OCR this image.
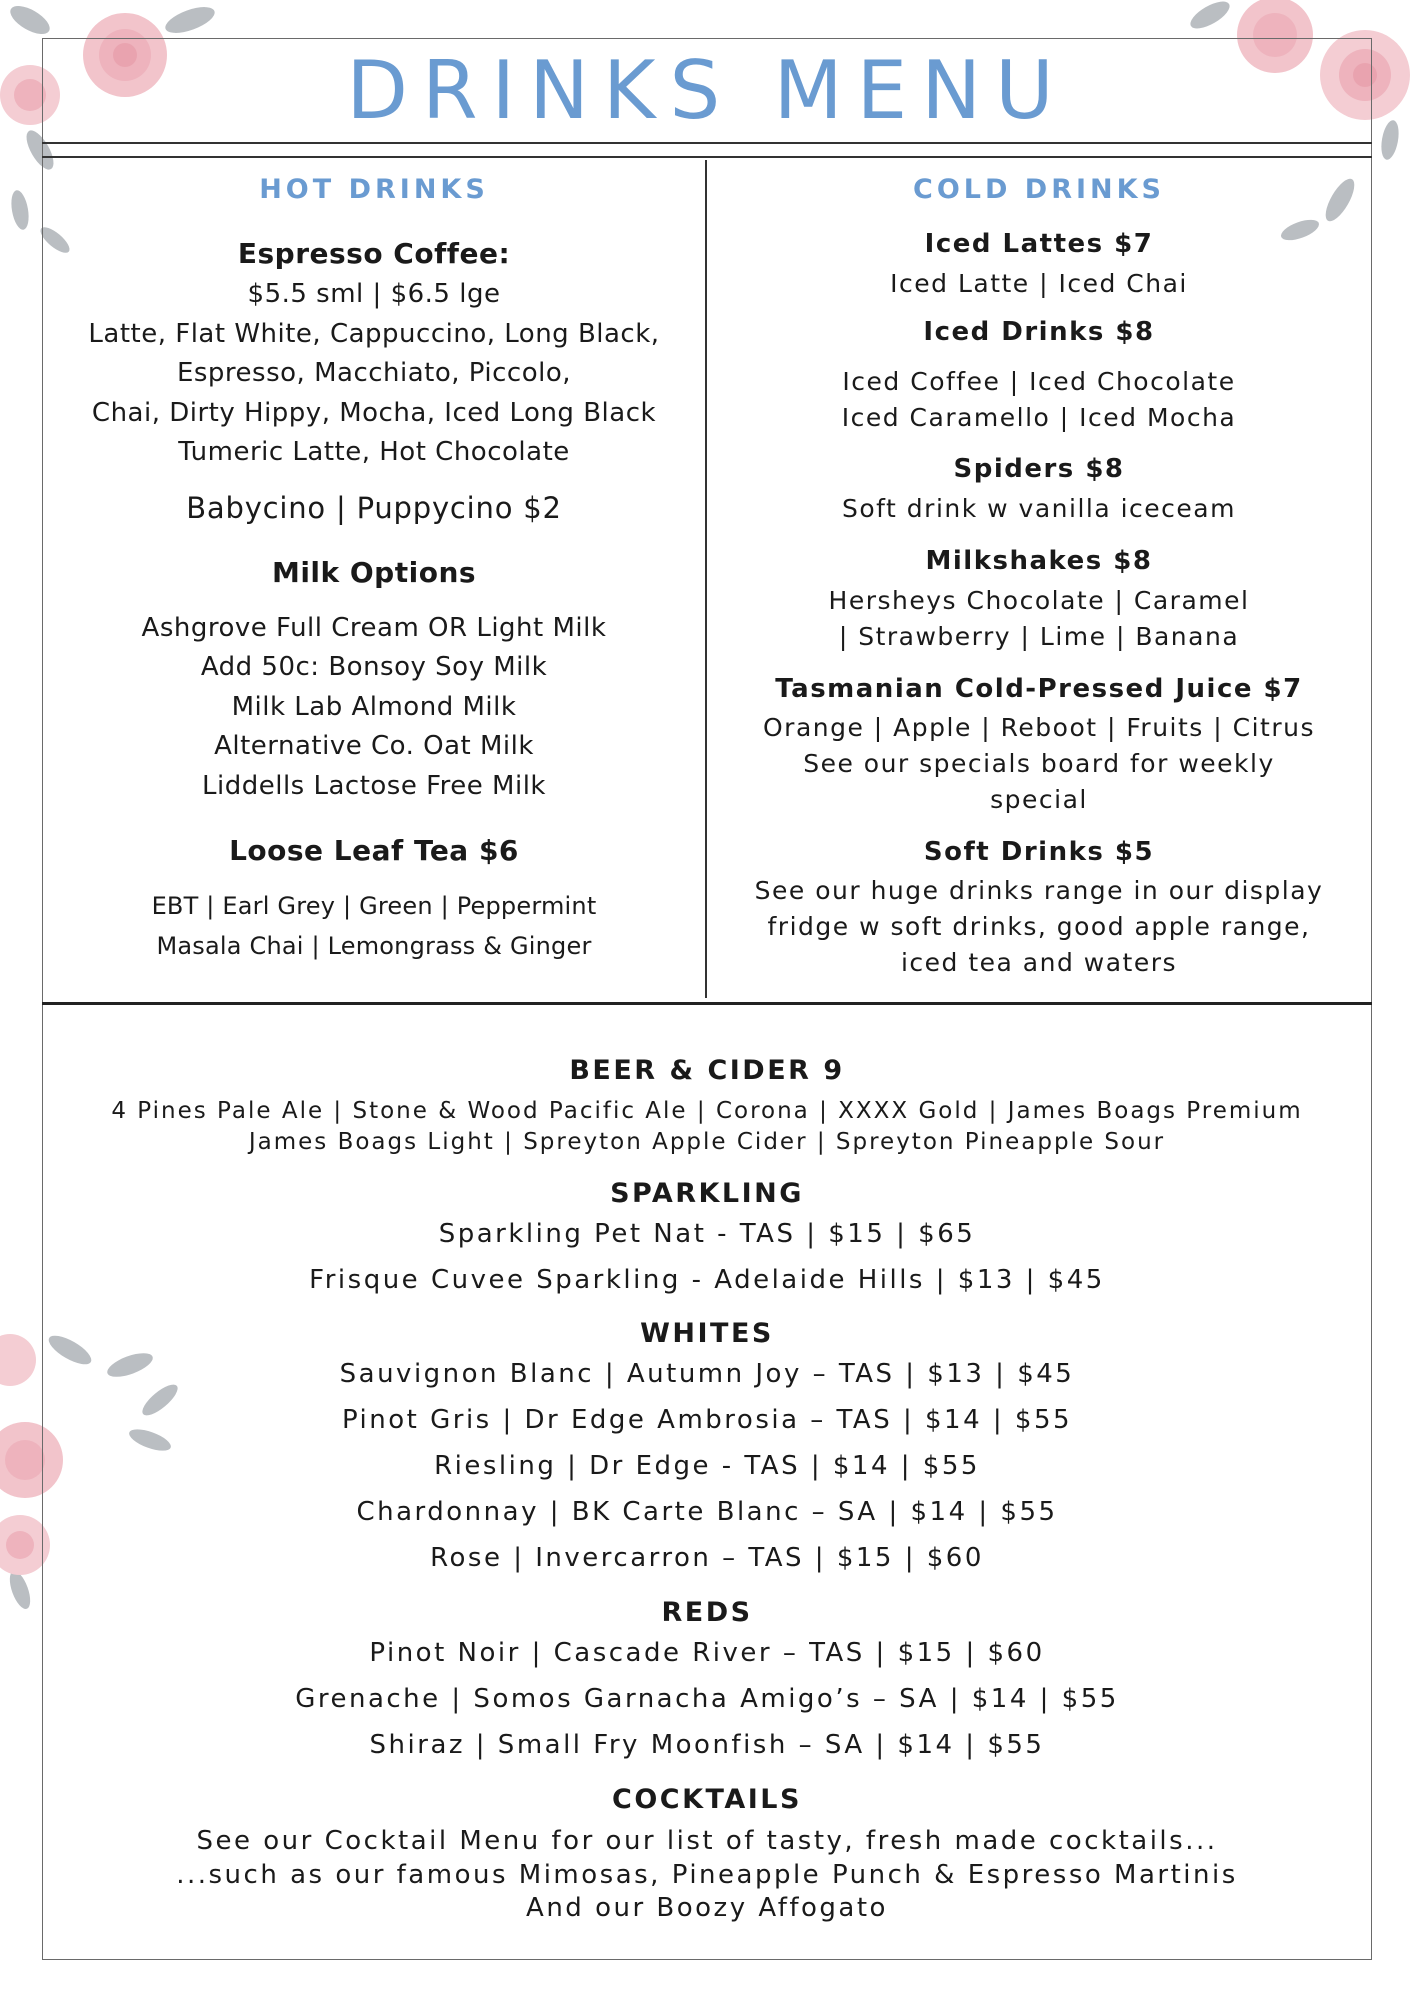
DRINKS MENU
HOT DRINKS
Espresso Coffee:
$5.5 sml | $6.5 lge
Latte, Flat White, Cappuccino, Long Black,
Espresso, Macchiato, Piccolo,
Chai, Dirty Hippy, Mocha, Iced Long Black
Tumeric Latte, Hot Chocolate
Babycino | Puppycino $2
Milk Options
Ashgrove Full Cream OR Light Milk
Add 50c: Bonsoy Soy Milk
Milk Lab Almond Milk
Alternative Co. Oat Milk
Liddells Lactose Free Milk
Loose Leaf Tea $6
EBT | Earl Grey | Green | Peppermint
Masala Chai | Lemongrass & Ginger
COLD DRINKS
Iced Lattes $7
Iced Latte | Iced Chai
Iced Drinks $8
Iced Coffee | Iced Chocolate
Iced Caramello | Iced Mocha
Spiders $8
Soft drink w vanilla iceceam
Milkshakes $8
Hersheys Chocolate | Caramel
| Strawberry | Lime | Banana
Tasmanian Cold-Pressed Juice $7
Orange | Apple | Reboot | Fruits | Citrus
See our specials board for weekly
special
Soft Drinks $5
See our huge drinks range in our display
fridge w soft drinks, good apple range,
iced tea and waters
BEER & CIDER 9
4 Pines Pale Ale | Stone & Wood Pacific Ale | Corona | XXXX Gold | James Boags Premium
James Boags Light | Spreyton Apple Cider | Spreyton Pineapple Sour
SPARKLING
Sparkling Pet Nat - TAS | $15 | $65
Frisque Cuvee Sparkling - Adelaide Hills | $13 | $45
WHITES
Sauvignon Blanc | Autumn Joy – TAS | $13 | $45
Pinot Gris | Dr Edge Ambrosia – TAS | $14 | $55
Riesling | Dr Edge - TAS | $14 | $55
Chardonnay | BK Carte Blanc – SA | $14 | $55
Rose | Invercarron – TAS | $15 | $60
REDS
Pinot Noir | Cascade River – TAS | $15 | $60
Grenache | Somos Garnacha Amigo’s – SA | $14 | $55
Shiraz | Small Fry Moonfish – SA | $14 | $55
COCKTAILS
See our Cocktail Menu for our list of tasty, fresh made cocktails...
...such as our famous Mimosas, Pineapple Punch & Espresso Martinis
And our Boozy Affogato
